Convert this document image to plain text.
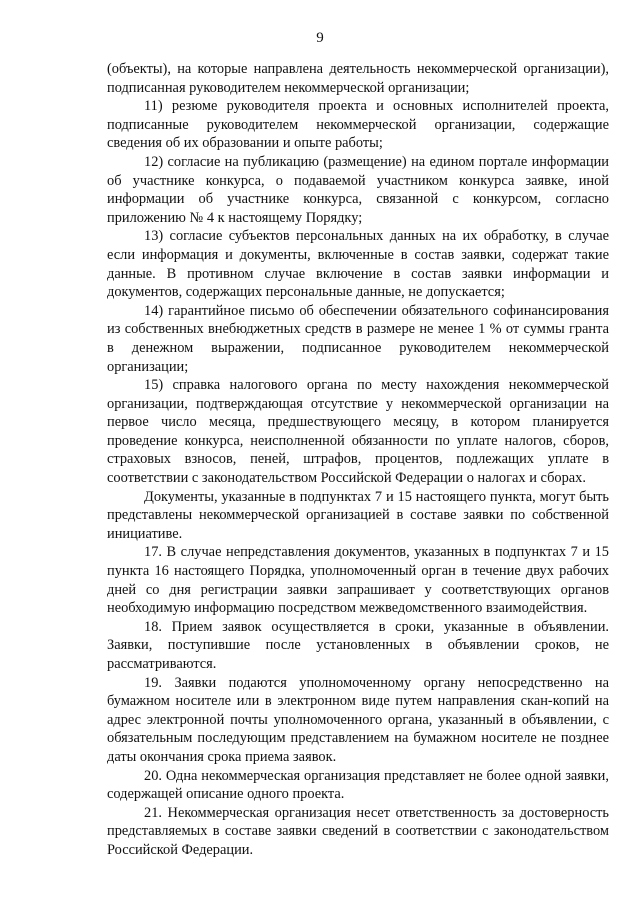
9

(объекты), на которые направлена деятельность некоммерческой организации), подписанная руководителем некоммерческой организации;

11) резюме руководителя проекта и основных исполнителей проекта, подписанные руководителем некоммерческой организации, содержащие сведения об их образовании и опыте работы;

12) согласие на публикацию (размещение) на едином портале информации об участнике конкурса, о подаваемой участником конкурса заявке, иной информации об участнике конкурса, связанной с конкурсом, согласно приложению № 4 к настоящему Порядку;

13) согласие субъектов персональных данных на их обработку, в случае если информация и документы, включенные в состав заявки, содержат такие данные. В противном случае включение в состав заявки информации и документов, содержащих персональные данные, не допускается;

14) гарантийное письмо об обеспечении обязательного софинансирования из собственных внебюджетных средств в размере не менее 1 % от суммы гранта в денежном выражении, подписанное руководителем некоммерческой организации;

15) справка налогового органа по месту нахождения некоммерческой организации, подтверждающая отсутствие у некоммерческой организации на первое число месяца, предшествующего месяцу, в котором планируется проведение конкурса, неисполненной обязанности по уплате налогов, сборов, страховых взносов, пеней, штрафов, процентов, подлежащих уплате в соответствии с законодательством Российской Федерации о налогах и сборах.

Документы, указанные в подпунктах 7 и 15 настоящего пункта, могут быть представлены некоммерческой организацией в составе заявки по собственной инициативе.

17. В случае непредставления документов, указанных в подпунктах 7 и 15 пункта 16 настоящего Порядка, уполномоченный орган в течение двух рабочих дней со дня регистрации заявки запрашивает у соответствующих органов необходимую информацию посредством межведомственного взаимодействия.

18. Прием заявок осуществляется в сроки, указанные в объявлении. Заявки, поступившие после установленных в объявлении сроков, не рассматриваются.

19. Заявки подаются уполномоченному органу непосредственно на бумажном носителе или в электронном виде путем направления скан-копий на адрес электронной почты уполномоченного органа, указанный в объявлении, с обязательным последующим представлением на бумажном носителе не позднее даты окончания срока приема заявок.

20. Одна некоммерческая организация представляет не более одной заявки, содержащей описание одного проекта.

21. Некоммерческая организация несет ответственность за достоверность представляемых в составе заявки сведений в соответствии с законодательством Российской Федерации.
